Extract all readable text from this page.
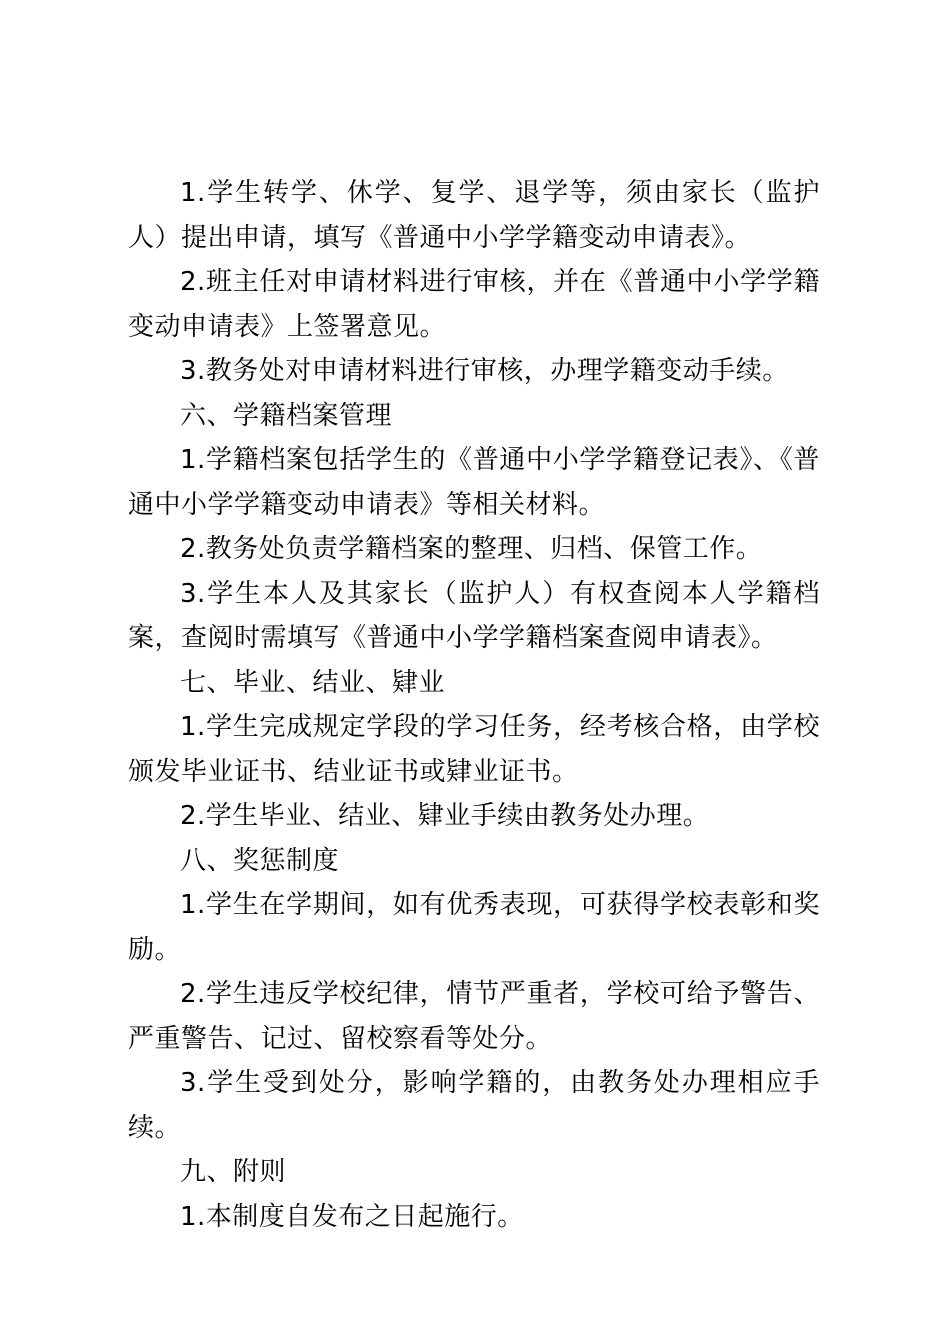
1.学生转学、休学、复学、退学等，须由家长（监护人）提出申请，填写《普通中小学学籍变动申请表》。

2.班主任对申请材料进行审核，并在《普通中小学学籍变动申请表》上签署意见。

3.教务处对申请材料进行审核，办理学籍变动手续。

六、学籍档案管理

1.学籍档案包括学生的《普通中小学学籍登记表》、《普通中小学学籍变动申请表》等相关材料。

2.教务处负责学籍档案的整理、归档、保管工作。

3.学生本人及其家长（监护人）有权查阅本人学籍档案，查阅时需填写《普通中小学学籍档案查阅申请表》。

七、毕业、结业、肄业

1.学生完成规定学段的学习任务，经考核合格，由学校颁发毕业证书、结业证书或肄业证书。

2.学生毕业、结业、肄业手续由教务处办理。

八、奖惩制度

1.学生在学期间，如有优秀表现，可获得学校表彰和奖励。

2.学生违反学校纪律，情节严重者，学校可给予警告、严重警告、记过、留校察看等处分。

3.学生受到处分，影响学籍的，由教务处办理相应手续。

九、附则

1.本制度自发布之日起施行。
